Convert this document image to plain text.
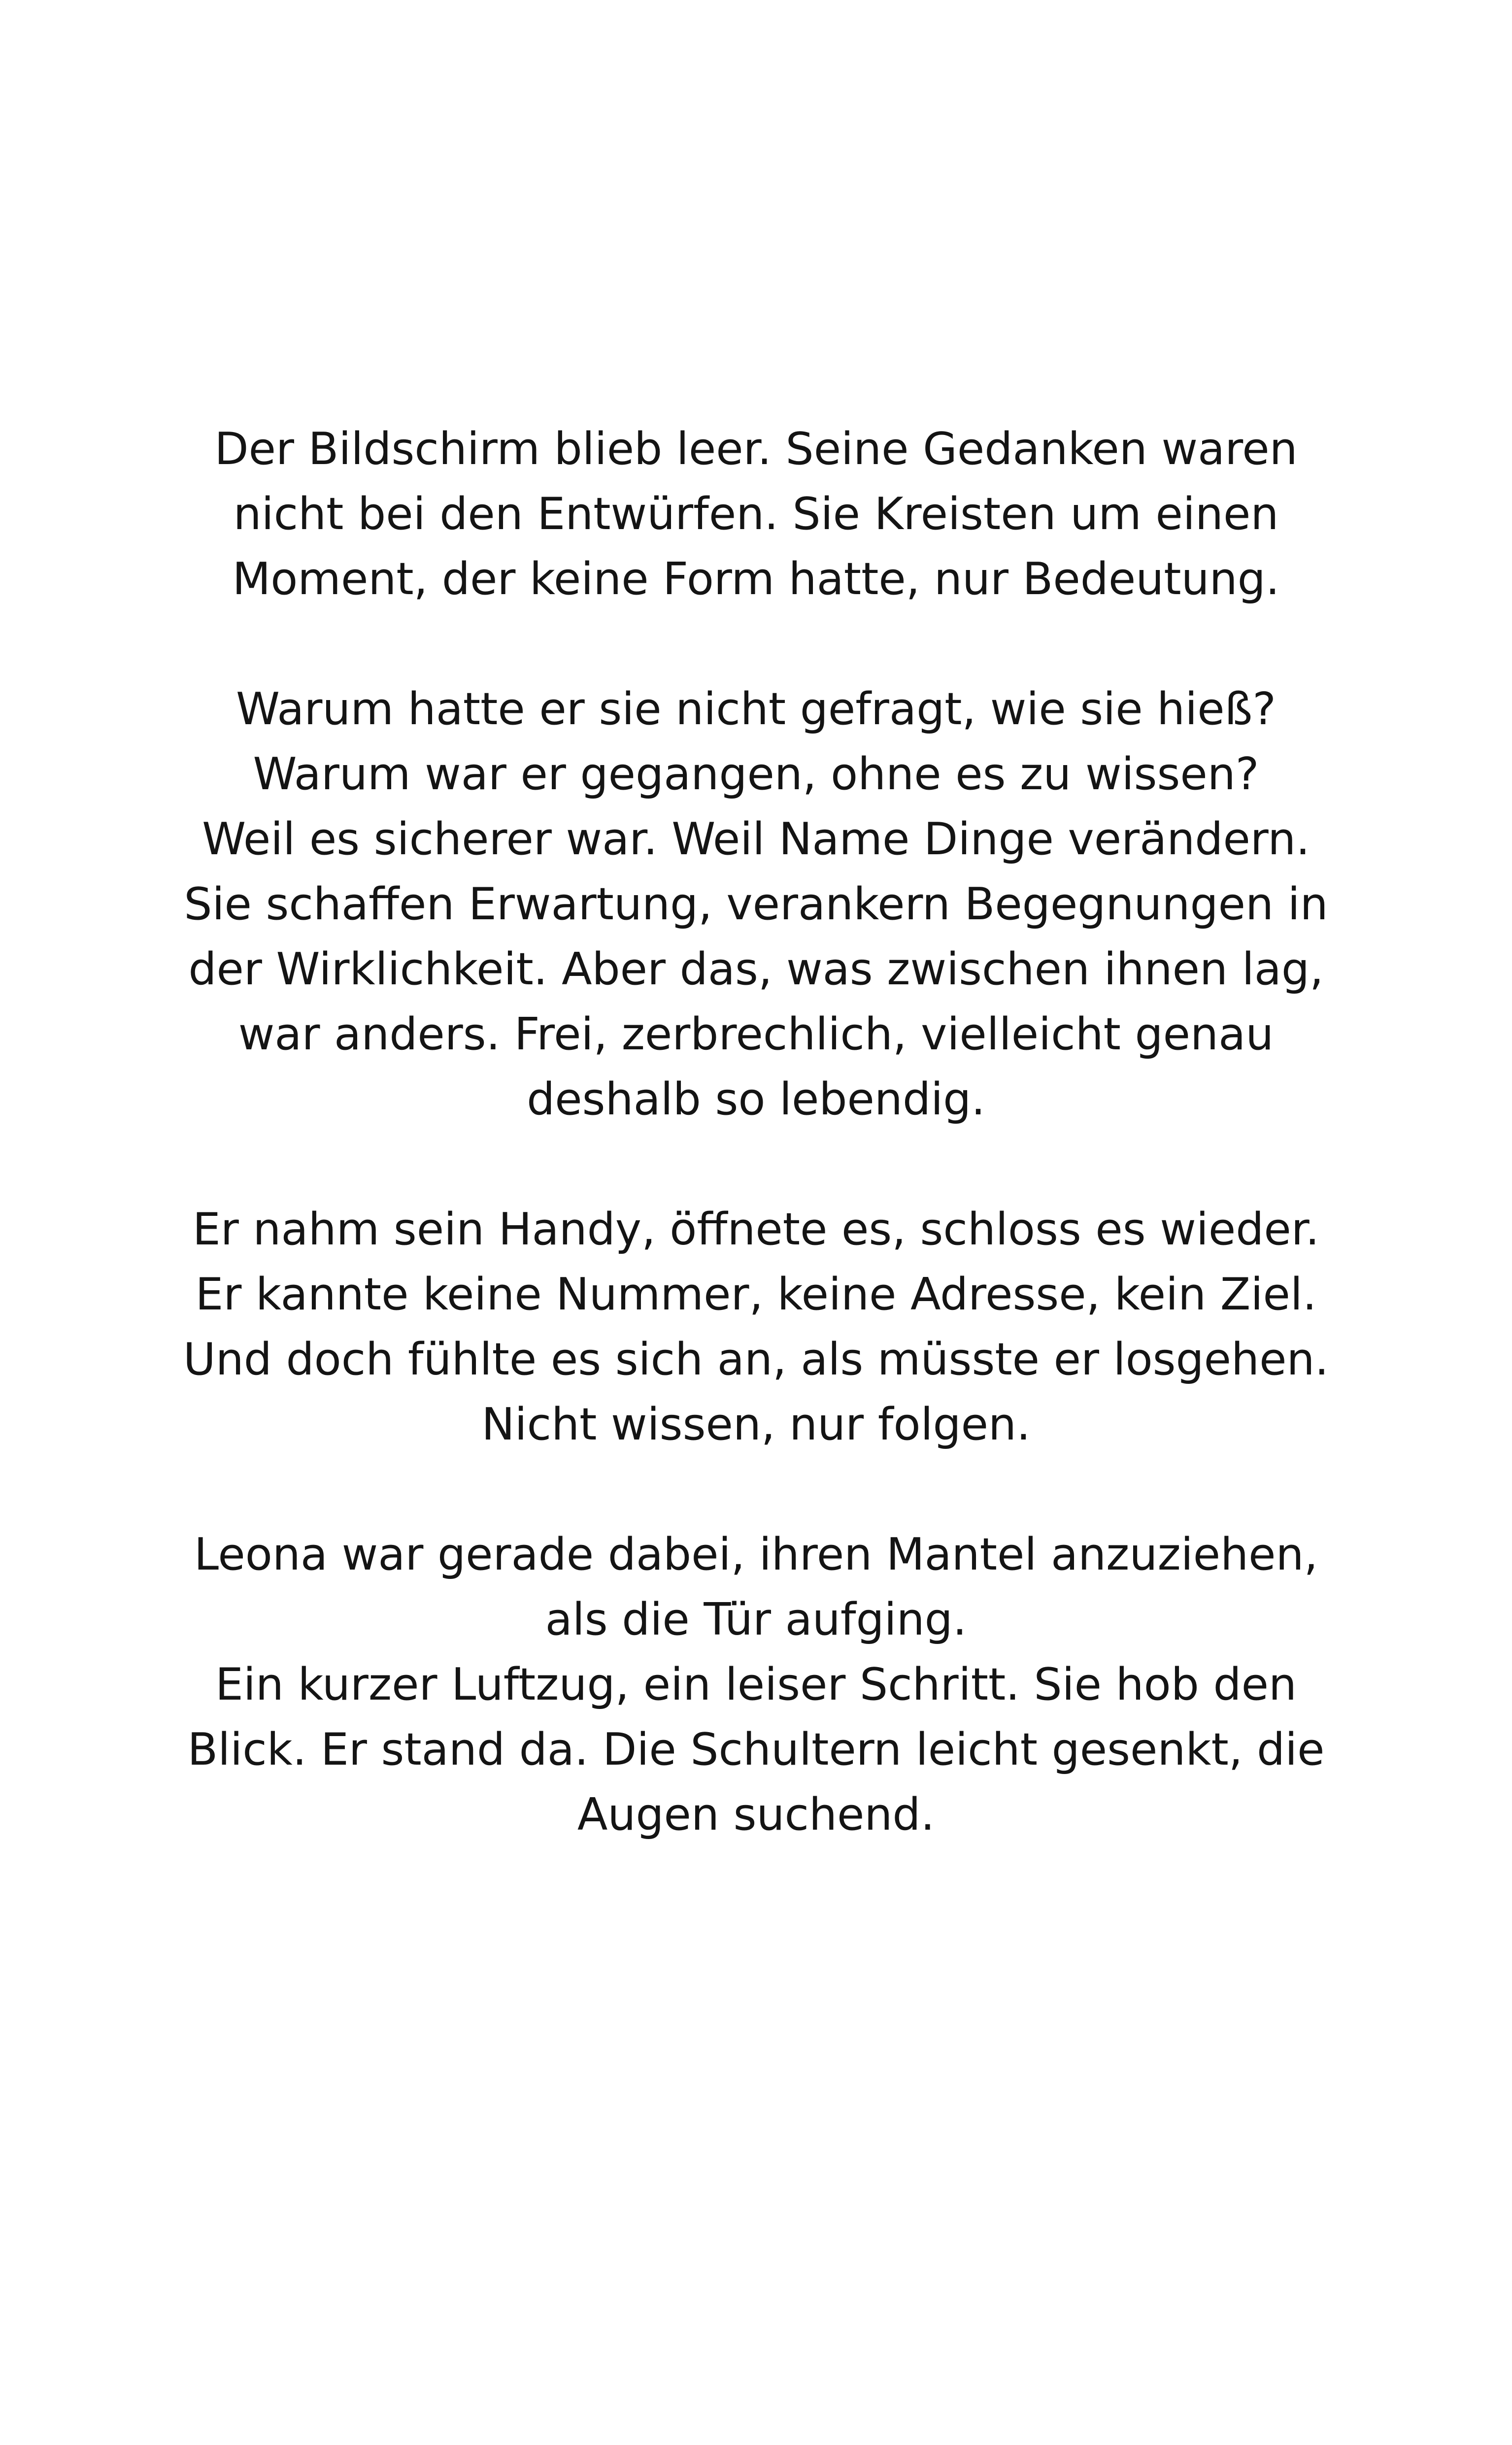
Der Bildschirm blieb leer. Seine Gedanken waren
nicht bei den Entwürfen. Sie Kreisten um einen
Moment, der keine Form hatte, nur Bedeutung.
Warum hatte er sie nicht gefragt, wie sie hieß?
Warum war er gegangen, ohne es zu wissen?
Weil es sicherer war. Weil Name Dinge verändern.
Sie schaffen Erwartung, verankern Begegnungen in
der Wirklichkeit. Aber das, was zwischen ihnen lag,
war anders. Frei, zerbrechlich, vielleicht genau
deshalb so lebendig.
Er nahm sein Handy, öffnete es, schloss es wieder.
Er kannte keine Nummer, keine Adresse, kein Ziel.
Und doch fühlte es sich an, als müsste er losgehen.
Nicht wissen, nur folgen.
Leona war gerade dabei, ihren Mantel anzuziehen,
als die Tür aufging.
Ein kurzer Luftzug, ein leiser Schritt. Sie hob den
Blick. Er stand da. Die Schultern leicht gesenkt, die
Augen suchend.
